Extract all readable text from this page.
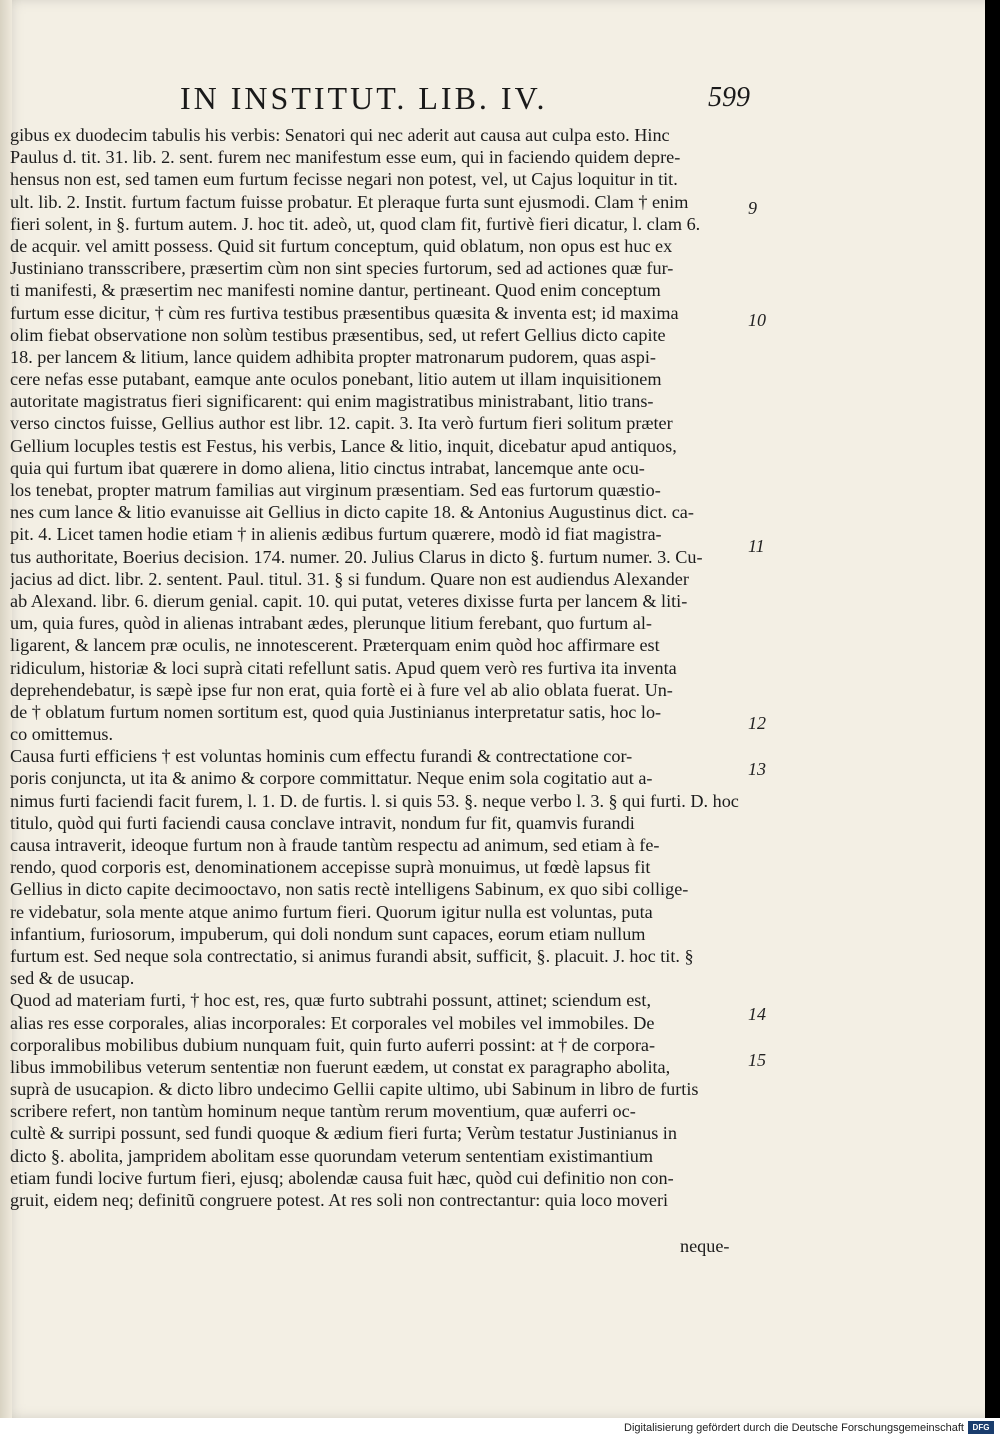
IN INSTITUT. LIB. IV.	599
gibus ex duodecim tabulis his verbis: Senatori qui nec aderit aut causa aut culpa esto. Hinc
Paulus d. tit. 31. lib. 2. sent. furem nec manifestum esse eum, qui in faciendo quidem depre-
hensus non est, sed tamen eum furtum fecisse negari non potest, vel, ut Cajus loquitur in tit.
ult. lib. 2. Instit. furtum factum fuisse probatur. Et pleraque furta sunt ejusmodi. Clam † enim
fieri solent, in §. furtum autem. J. hoc tit. adeò, ut, quod clam fit, furtivè fieri dicatur, l. clam 6.
de acquir. vel amitt possess. Quid sit furtum conceptum, quid oblatum, non opus est huc ex
Justiniano transscribere, præsertim cùm non sint species furtorum, sed ad actiones quæ fur-
ti manifesti, & præsertim nec manifesti nomine dantur, pertineant. Quod enim conceptum
furtum esse dicitur, † cùm res furtiva testibus præsentibus quæsita & inventa est; id maxima
olim fiebat observatione non solùm testibus præsentibus, sed, ut refert Gellius dicto capite
18. per lancem & litium, lance quidem adhibita propter matronarum pudorem, quas aspi-
cere nefas esse putabant, eamque ante oculos ponebant, litio autem ut illam inquisitionem
autoritate magistratus fieri significarent: qui enim magistratibus ministrabant, litio trans-
verso cinctos fuisse, Gellius author est libr. 12. capit. 3. Ita verò furtum fieri solitum præter
Gellium locuples testis est Festus, his verbis, Lance & litio, inquit, dicebatur apud antiquos,
quia qui furtum ibat quærere in domo aliena, litio cinctus intrabat, lancemque ante ocu-
los tenebat, propter matrum familias aut virginum præsentiam. Sed eas furtorum quæstio-
nes cum lance & litio evanuisse ait Gellius in dicto capite 18. & Antonius Augustinus dict. ca-
pit. 4. Licet tamen hodie etiam † in alienis ædibus furtum quærere, modò id fiat magistra-
tus authoritate, Boerius decision. 174. numer. 20. Julius Clarus in dicto §. furtum numer. 3. Cu-
jacius ad dict. libr. 2. sentent. Paul. titul. 31. § si fundum. Quare non est audiendus Alexander
ab Alexand. libr. 6. dierum genial. capit. 10. qui putat, veteres dixisse furta per lancem & liti-
um, quia fures, quòd in alienas intrabant ædes, plerunque litium ferebant, quo furtum al-
ligarent, & lancem præ oculis, ne innotescerent. Præterquam enim quòd hoc affirmare est
ridiculum, historiæ & loci suprà citati refellunt satis. Apud quem verò res furtiva ita inventa
deprehendebatur, is sæpè ipse fur non erat, quia fortè ei à fure vel ab alio oblata fuerat. Un-
de † oblatum furtum nomen sortitum est, quod quia Justinianus interpretatur satis, hoc lo-
co omittemus.
Causa furti efficiens † est voluntas hominis cum effectu furandi & contrectatione cor-
poris conjuncta, ut ita & animo & corpore committatur. Neque enim sola cogitatio aut a-
nimus furti faciendi facit furem, l. 1. D. de furtis. l. si quis 53. §. neque verbo l. 3. § qui furti. D. hoc
titulo, quòd qui furti faciendi causa conclave intravit, nondum fur fit, quamvis furandi
causa intraverit, ideoque furtum non à fraude tantùm respectu ad animum, sed etiam à fe-
rendo, quod corporis est, denominationem accepisse suprà monuimus, ut fœdè lapsus fit
Gellius in dicto capite decimooctavo, non satis rectè intelligens Sabinum, ex quo sibi collige-
re videbatur, sola mente atque animo furtum fieri. Quorum igitur nulla est voluntas, puta
infantium, furiosorum, impuberum, qui doli nondum sunt capaces, eorum etiam nullum
furtum est. Sed neque sola contrectatio, si animus furandi absit, sufficit, §. placuit. J. hoc tit. §
sed & de usucap.
Quod ad materiam furti, † hoc est, res, quæ furto subtrahi possunt, attinet; sciendum est,
alias res esse corporales, alias incorporales: Et corporales vel mobiles vel immobiles. De
corporalibus mobilibus dubium nunquam fuit, quin furto auferri possint: at † de corpora-
libus immobilibus veterum sententiæ non fuerunt eædem, ut constat ex paragrapho abolita,
suprà de usucapion. & dicto libro undecimo Gellii capite ultimo, ubi Sabinum in libro de furtis
scribere refert, non tantùm hominum neque tantùm rerum moventium, quæ auferri oc-
cultè & surripi possunt, sed fundi quoque & ædium fieri furta; Verùm testatur Justinianus in
dicto §. abolita, jampridem abolitam esse quorundam veterum sententiam existimantium
etiam fundi locive furtum fieri, ejusq; abolendæ causa fuit hæc, quòd cui definitio non con-
gruit, eidem neq; definitũ congruere potest. At res soli non contrectantur: quia loco moveri
9
10
11
12
13
14
15
neque-
Digitalisierung gefördert durch die Deutsche Forschungsgemeinschaft	DFG
